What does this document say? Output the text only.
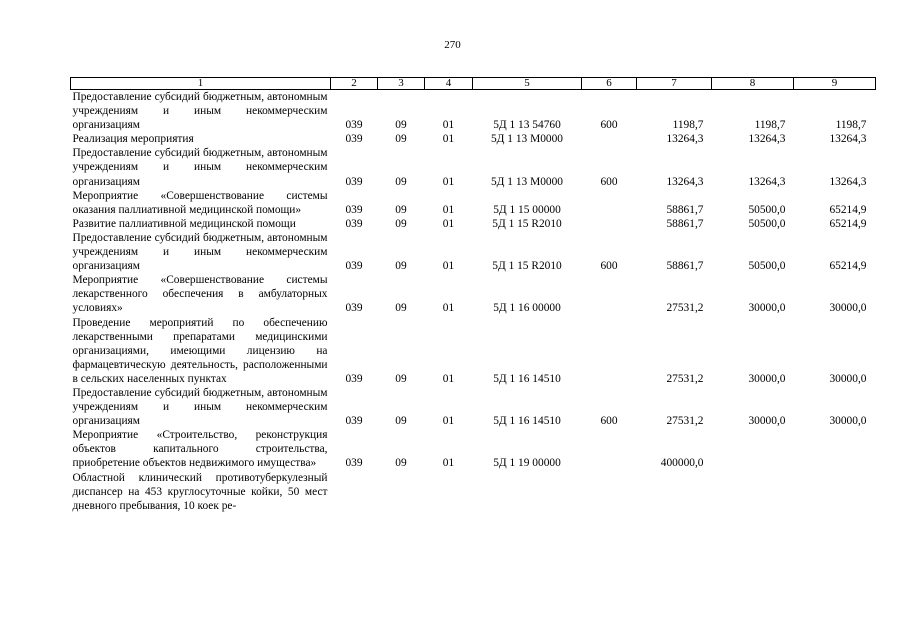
270
1	2	3	4	5	6	7	8	9
Предоставление субсидий бюджетным, автономным учреждениям и иным некоммерческим организациям	039	09	01	5Д 1 13 54760	600	1198,7	1198,7	1198,7
Реализация мероприятия	039	09	01	5Д 1 13 М0000		13264,3	13264,3	13264,3
Предоставление субсидий бюджетным, автономным учреждениям и иным некоммерческим организациям	039	09	01	5Д 1 13 М0000	600	13264,3	13264,3	13264,3
Мероприятие «Совершенствование системы оказания паллиативной медицинской помощи»	039	09	01	5Д 1 15 00000		58861,7	50500,0	65214,9
Развитие паллиативной медицинской помощи	039	09	01	5Д 1 15 R2010		58861,7	50500,0	65214,9
Предоставление субсидий бюджетным, автономным учреждениям и иным некоммерческим организациям	039	09	01	5Д 1 15 R2010	600	58861,7	50500,0	65214,9
Мероприятие «Совершенствование системы лекарственного обеспечения в амбулаторных условиях»	039	09	01	5Д 1 16 00000		27531,2	30000,0	30000,0
Проведение мероприятий по обеспечению лекарственными препаратами медицинскими организациями, имеющими лицензию на фармацевтическую деятельность, расположенными в сельских населенных пунктах	039	09	01	5Д 1 16 14510		27531,2	30000,0	30000,0
Предоставление субсидий бюджетным, автономным учреждениям и иным некоммерческим организациям	039	09	01	5Д 1 16 14510	600	27531,2	30000,0	30000,0
Мероприятие «Строительство, реконструкция объектов капитального строительства, приобретение объектов недвижимого имущества»	039	09	01	5Д 1 19 00000		400000,0		
Областной клинический противотуберкулезный диспансер на 453 круглосуточные койки, 50 мест дневного пребывания, 10 коек ре-								
